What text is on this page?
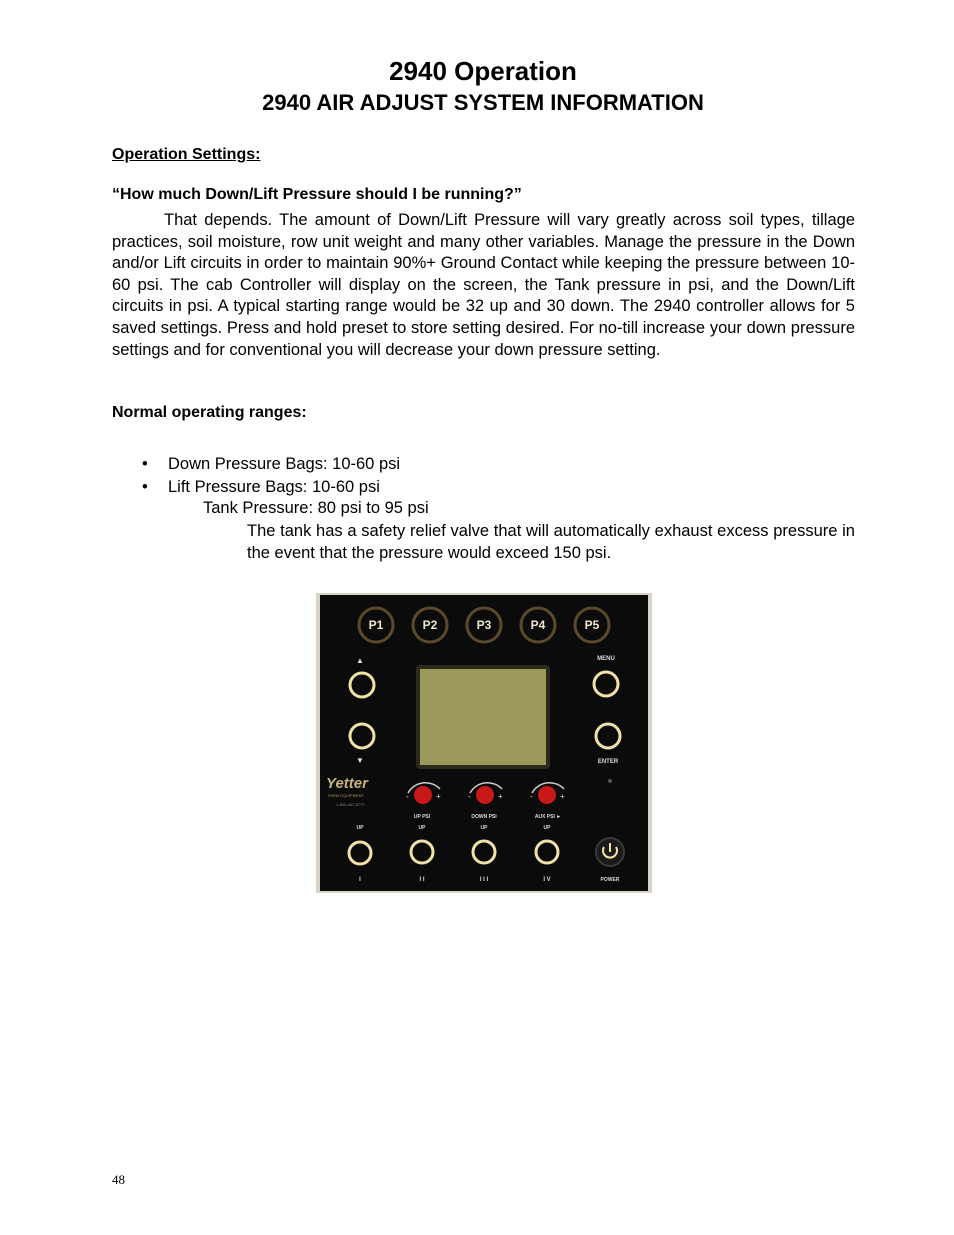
2940 Operation
2940 AIR ADJUST SYSTEM INFORMATION
Operation Settings:
“How much Down/Lift Pressure should I be running?”

That depends. The amount of Down/Lift Pressure will vary greatly across soil types, tillage practices, soil moisture, row unit weight and many other variables. Manage the pressure in the Down and/or Lift circuits in order to maintain 90%+ Ground Contact while keeping the pressure between 10-60 psi. The cab Controller will display on the screen, the Tank pressure in psi, and the Down/Lift circuits in psi. A typical starting range would be 32 up and 30 down. The 2940 controller allows for 5 saved settings. Press and hold preset to store setting desired. For no-till increase your down pressure settings and for conventional you will decrease your down pressure setting.

Normal operating ranges:
• Down Pressure Bags: 10-60 psi
• Lift Pressure Bags: 10-60 psi
Tank Pressure: 80 psi to 95 psi
The tank has a safety relief valve that will automatically exhaust excess pressure in the event that the pressure would exceed 150 psi.
P1	P2	P3	P4	P5
▲
▼
MENU
ENTER
Yetter
FARM EQUIPMENT
1-800-447-5777
-	+	-	+	-	+
UP PSI	DOWN PSI	AUX PSI ►
UP	UP	UP	UP
I	I I	I I I	I V	POWER
48
